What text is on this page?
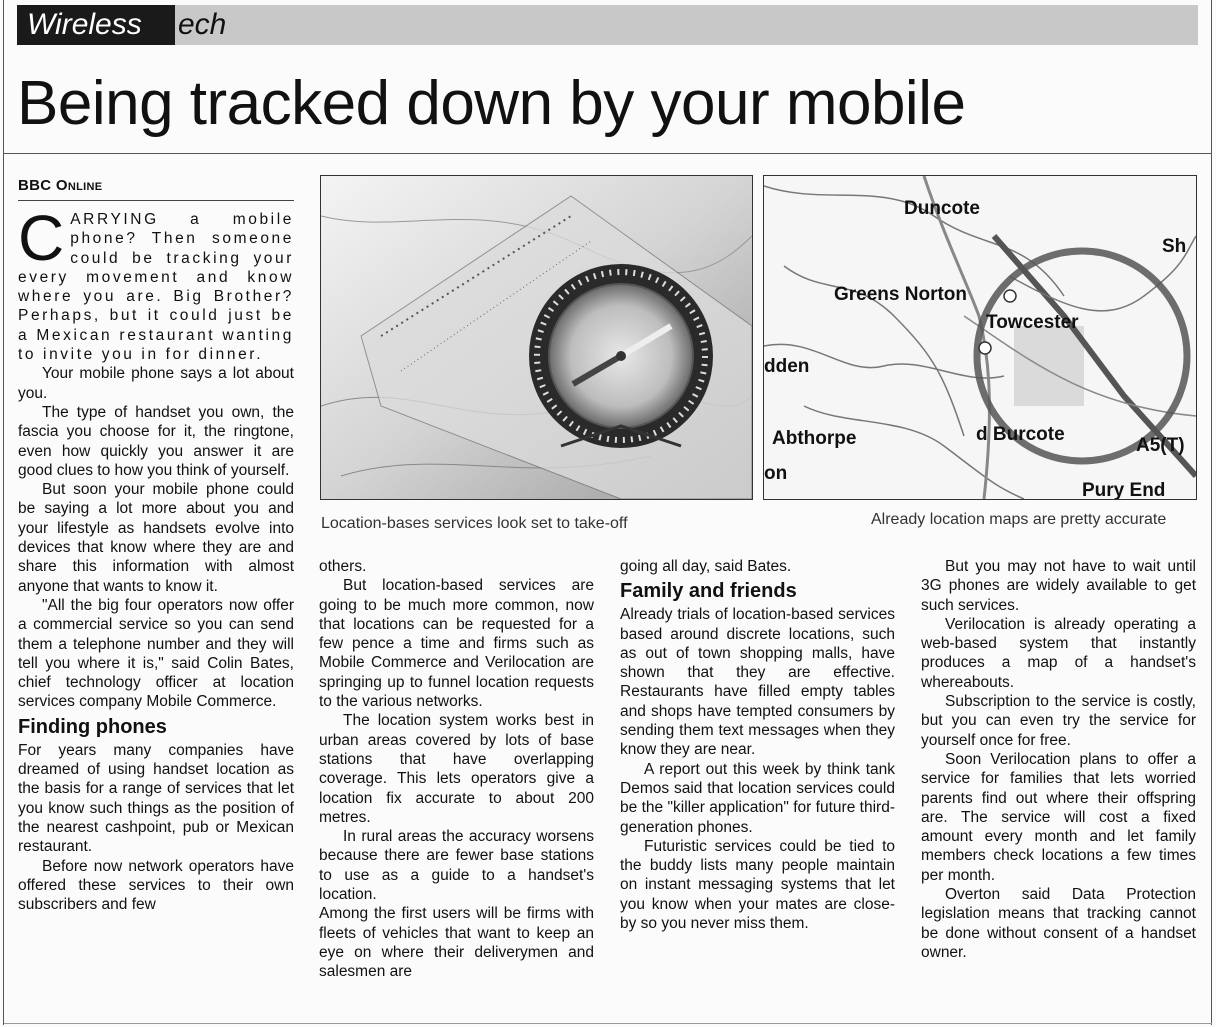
Wireless	ech
Being tracked down by your mobile
BBC Online

CARRYING a mobile phone? Then someone could be tracking your every movement and know where you are. Big Brother? Perhaps, but it could just be a Mexican restaurant wanting to invite you in for dinner.

Your mobile phone says a lot about you.

The type of handset you own, the fascia you choose for it, the ringtone, even how quickly you answer it are good clues to how you think of yourself.

But soon your mobile phone could be saying a lot more about you and your lifestyle as handsets evolve into devices that know where they are and share this information with almost anyone that wants to know it.

"All the big four operators now offer a commercial service so you can send them a telephone number and they will tell you where it is," said Colin Bates, chief technology officer at location services company Mobile Commerce.

Finding phones

For years many companies have dreamed of using handset location as the basis for a range of services that let you know such things as the position of the nearest cashpoint, pub or Mexican restaurant.

Before now network operators have offered these services to their own subscribers and few

Location-bases services look set to take-off
Duncote
Sh
Greens Norton
Towcester
dden
Abthorpe
on
d Burcote
A5(T)
Pury End
Already location maps are pretty accurate

others.

But location-based services are going to be much more common, now that locations can be requested for a few pence a time and firms such as Mobile Commerce and Verilocation are springing up to funnel location requests to the various networks.

The location system works best in urban areas covered by lots of base stations that have overlapping coverage. This lets operators give a location fix accurate to about 200 metres.

In rural areas the accuracy worsens because there are fewer base stations to use as a guide to a handset's location.

Among the first users will be firms with fleets of vehicles that want to keep an eye on where their deliverymen and salesmen are

going all day, said Bates.

Family and friends

Already trials of location-based services based around discrete locations, such as out of town shopping malls, have shown that they are effective. Restaurants have filled empty tables and shops have tempted consumers by sending them text messages when they know they are near.

A report out this week by think tank Demos said that location services could be the "killer application" for future third-generation phones.

Futuristic services could be tied to the buddy lists many people maintain on instant messaging systems that let you know when your mates are close-by so you never miss them.

But you may not have to wait until 3G phones are widely available to get such services.

Verilocation is already operating a web-based system that instantly produces a map of a handset's whereabouts.

Subscription to the service is costly, but you can even try the service for yourself once for free.

Soon Verilocation plans to offer a service for families that lets worried parents find out where their offspring are. The service will cost a fixed amount every month and let family members check locations a few times per month.

Overton said Data Protection legislation means that tracking cannot be done without consent of a handset owner.
